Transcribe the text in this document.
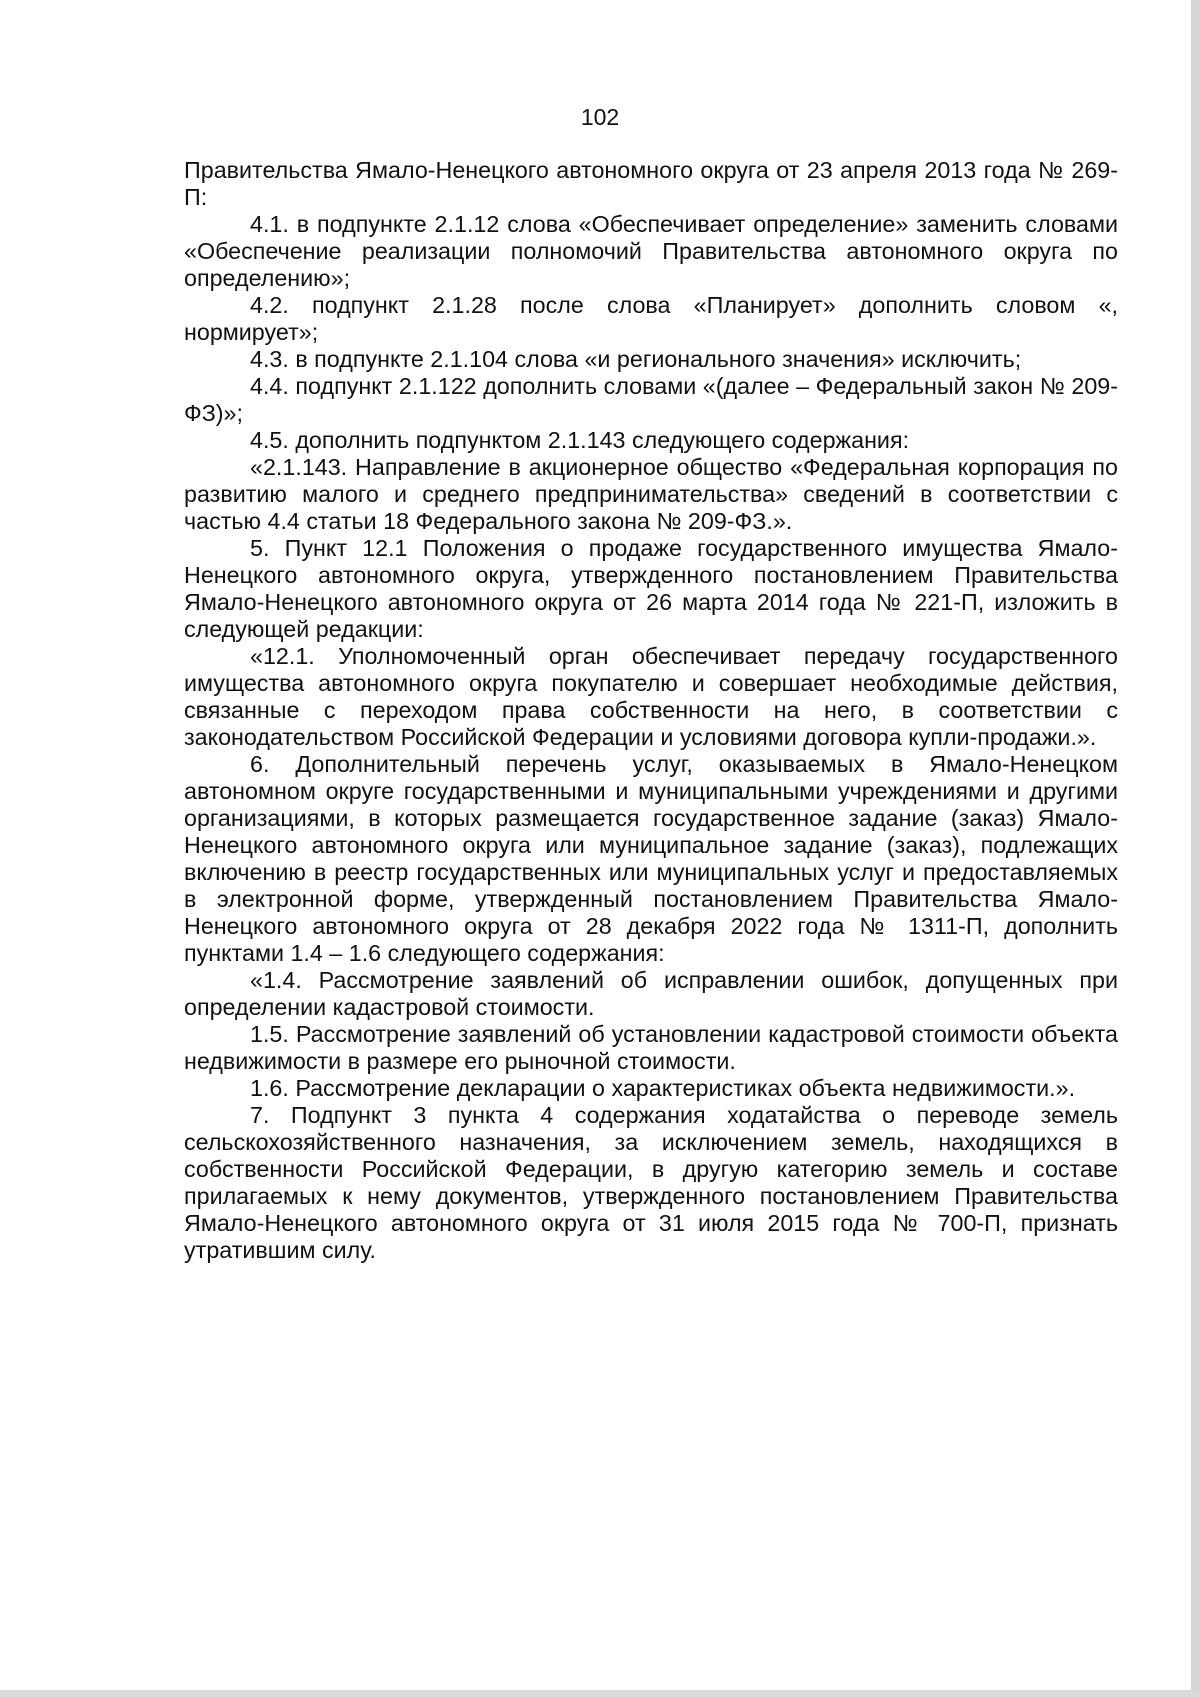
102

Правительства Ямало-Ненецкого автономного округа от 23 апреля 2013 года № 269-П:

4.1. в подпункте 2.1.12 слова «Обеспечивает определение» заменить словами «Обеспечение реализации полномочий Правительства автономного округа по определению»;

4.2. подпункт 2.1.28 после слова «Планирует» дополнить словом «, нормирует»;

4.3. в подпункте 2.1.104 слова «и регионального значения» исключить;

4.4. подпункт 2.1.122 дополнить словами «(далее – Федеральный закон № 209-ФЗ)»;

4.5. дополнить подпунктом 2.1.143 следующего содержания:

«2.1.143. Направление в акционерное общество «Федеральная корпорация по развитию малого и среднего предпринимательства» сведений в соответствии с частью 4.4 статьи 18 Федерального закона № 209-ФЗ.».

5. Пункт 12.1 Положения о продаже государственного имущества Ямало-Ненецкого автономного округа, утвержденного постановлением Правительства Ямало-Ненецкого автономного округа от 26 марта 2014 года № 221-П, изложить в следующей редакции:

«12.1. Уполномоченный орган обеспечивает передачу государственного имущества автономного округа покупателю и совершает необходимые действия, связанные с переходом права собственности на него, в соответствии с законодательством Российской Федерации и условиями договора купли-продажи.».

6. Дополнительный перечень услуг, оказываемых в Ямало-Ненецком автономном округе государственными и муниципальными учреждениями и другими организациями, в которых размещается государственное задание (заказ) Ямало-Ненецкого автономного округа или муниципальное задание (заказ), подлежащих включению в реестр государственных или муниципальных услуг и предоставляемых в электронной форме, утвержденный постановлением Правительства Ямало-Ненецкого автономного округа от 28 декабря 2022 года № 1311-П, дополнить пунктами 1.4 – 1.6 следующего содержания:

«1.4. Рассмотрение заявлений об исправлении ошибок, допущенных при определении кадастровой стоимости.

1.5. Рассмотрение заявлений об установлении кадастровой стоимости объекта недвижимости в размере его рыночной стоимости.

1.6. Рассмотрение декларации о характеристиках объекта недвижимости.».

7. Подпункт 3 пункта 4 содержания ходатайства о переводе земель сельскохозяйственного назначения, за исключением земель, находящихся в собственности Российской Федерации, в другую категорию земель и составе прилагаемых к нему документов, утвержденного постановлением Правительства Ямало-Ненецкого автономного округа от 31 июля 2015 года № 700-П, признать утратившим силу.
